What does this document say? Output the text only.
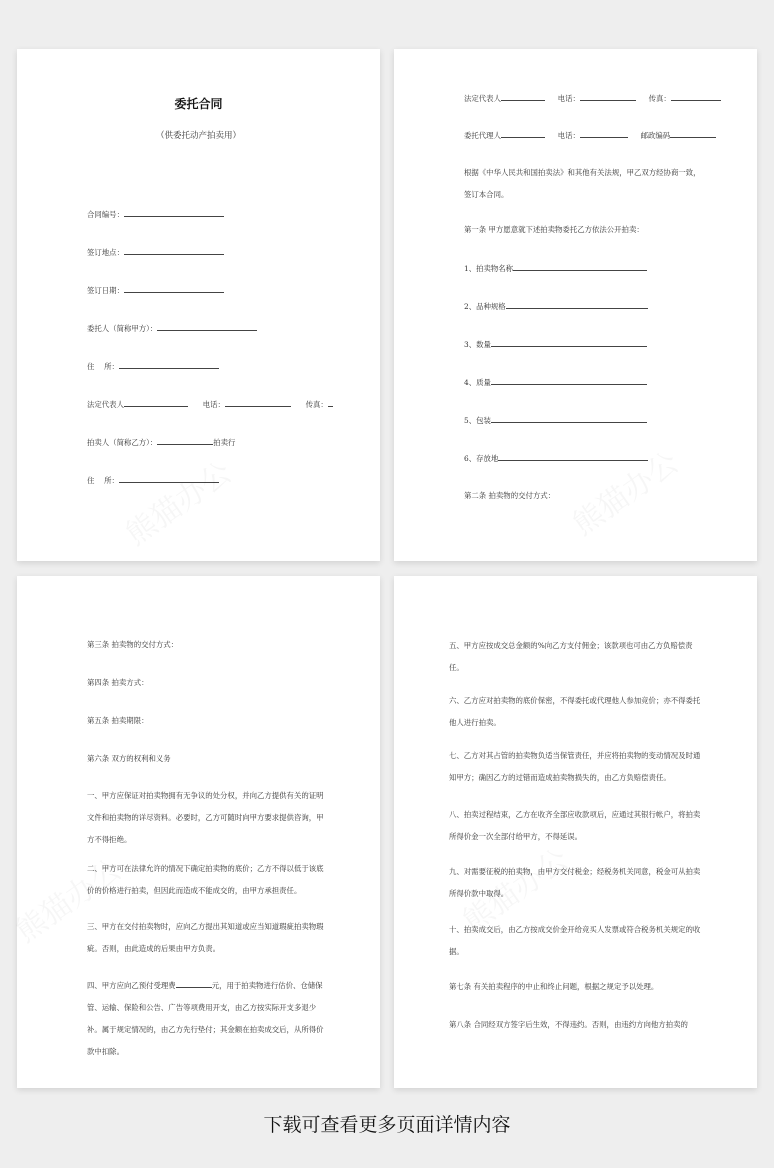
委托合同
（供委托动产拍卖用）
合同编号：
签订地点：
签订日期：
委托人（简称甲方）：
住　 所：
法定代表人	电话：	传真：
拍卖人（简称乙方）：	拍卖行
住　 所：
法定代表人	电话：	传真：
委托代理人	电话：	邮政编码
根据《中华人民共和国拍卖法》和其他有关法规，甲乙双方经协商一致，签订本合同。
第一条 甲方愿意就下述拍卖物委托乙方依法公开拍卖：
1、拍卖物名称
2、品种规格
3、数量
4、质量
5、包装
6、存放地
第二条 拍卖物的交付方式：
第三条 拍卖物的交付方式：
第四条 拍卖方式：
第五条 拍卖期限：
第六条 双方的权利和义务
一、甲方应保证对拍卖物拥有无争议的处分权，并向乙方提供有关的证明文件和拍卖物的详尽资料。必要时，乙方可随时向甲方要求提供咨询，甲方不得拒绝。
二、甲方可在法律允许的情况下确定拍卖物的底价；乙方不得以低于该底价的价格进行拍卖，但因此而造成不能成交的，由甲方承担责任。
三、甲方在交付拍卖物时，应向乙方提出其知道或应当知道瑕疵拍卖物瑕疵。否则，由此造成的后果由甲方负责。
四、甲方应向乙预付受理费	元，用于拍卖物进行估价、仓储保管、运输、保险和公告、广告等项费用开支，由乙方按实际开支多退少补。属于规定情况的，由乙方先行垫付；其金额在拍卖成交后，从所得价款中扣除。
五、甲方应按成交总金额的%向乙方支付佣金；该款项也可由乙方负赔偿责任。
六、乙方应对拍卖物的底价保密，不得委托或代理他人参加竞价；亦不得委托他人进行拍卖。
七、乙方对其占管的拍卖物负适当保管责任，并应将拍卖物的变动情况及时通知甲方；确因乙方的过错而造成拍卖物损失的，由乙方负赔偿责任。
八、拍卖过程结束，乙方在收齐全部应收款项后，应通过其银行帐户，将拍卖所得价金一次全部付给甲方，不得延误。
九、对需要征税的拍卖物，由甲方交付税金；经税务机关同意，税金可从拍卖所得价款中取得。
十、拍卖成交后，由乙方按成交价金开给竞买人发票或符合税务机关规定的收据。
第七条 有关拍卖程序的中止和终止问题，根据之规定予以处理。
第八条 合同经双方签字后生效，不得违约。否则，由违约方向他方拍卖的
下载可查看更多页面详情内容
